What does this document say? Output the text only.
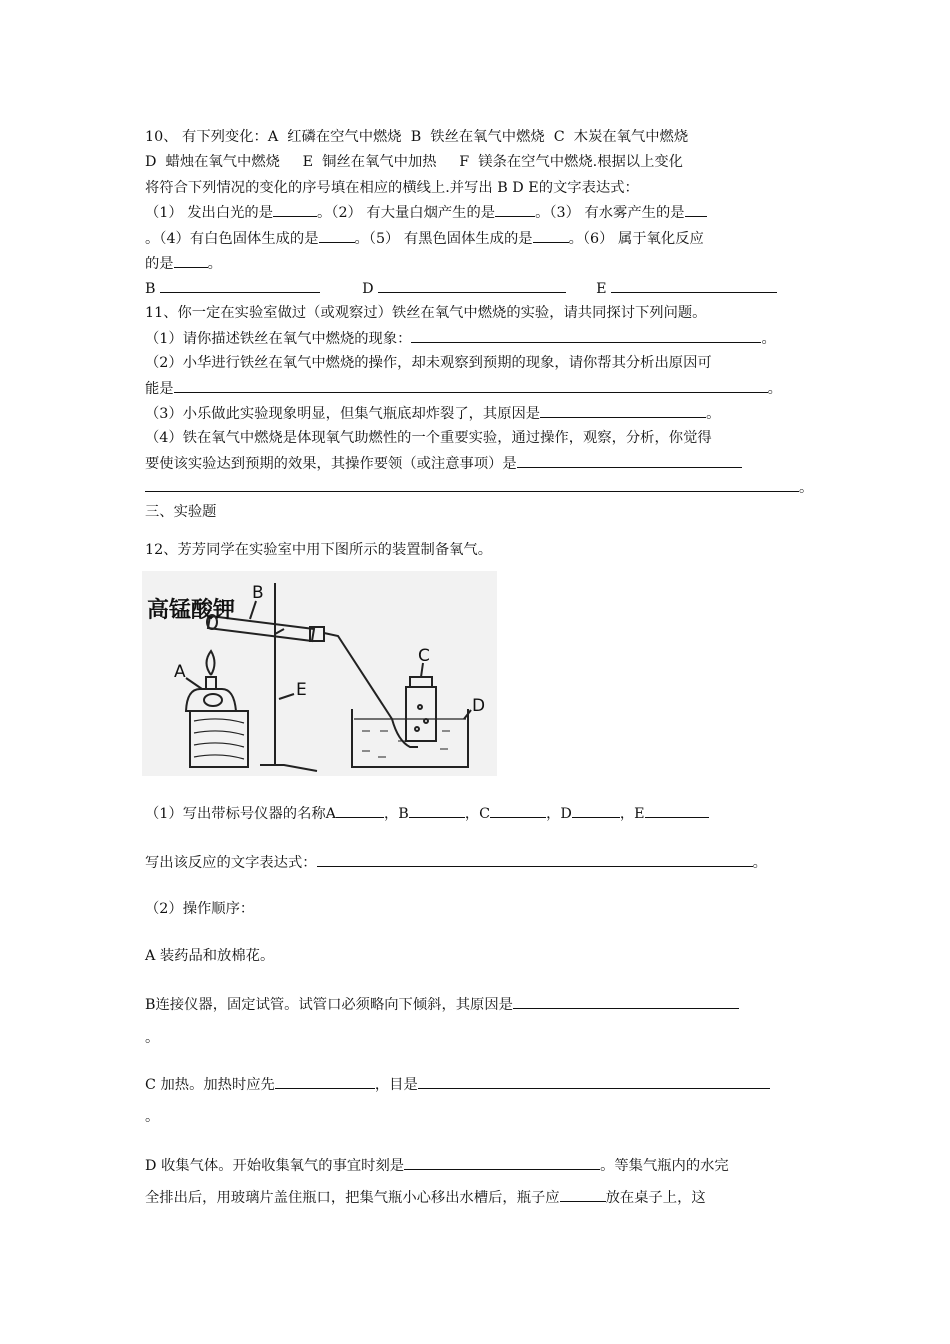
10、 有下列变化：A  红磷在空气中燃烧  B  铁丝在氧气中燃烧  C  木炭在氧气中燃烧
D  蜡烛在氧气中燃烧     E  铜丝在氧气中加热     F  镁条在空气中燃烧.根据以上变化
将符合下列情况的变化的序号填在相应的横线上.并写出 B D E的文字表达式：
（1） 发出白光的是	。（2） 有大量白烟产生的是	。（3） 有水雾产生的是
。（4）有白色固体生成的是	。（5） 有黑色固体生成的是	。（6） 属于氧化反应
的是 。
B	D	E
11、你一定在实验室做过（或观察过）铁丝在氧气中燃烧的实验，请共同探讨下列问题。
（1）请你描述铁丝在氧气中燃烧的现象：	。
（2）小华进行铁丝在氧气中燃烧的操作，却未观察到预期的现象，请你帮其分析出原因可
能是	。
（3）小乐做此实验现象明显，但集气瓶底却炸裂了，其原因是	。
（4）铁在氧气中燃烧是体现氧气助燃性的一个重要实验，通过操作，观察，分析，你觉得
要使该实验达到预期的效果，其操作要领（或注意事项）是
。
三、实验题
12、芳芳同学在实验室中用下图所示的装置制备氧气。
高锰酸钾
B
A
E
C
D
（1）写出带标号仪器的名称A	，B	，C	，D	，E
写出该反应的文字表达式：	。
（2）操作顺序：
A 装药品和放棉花。
B连接仪器，固定试管。试管口必须略向下倾斜，其原因是
。
C 加热。加热时应先	，目是
。
D 收集气体。开始收集氧气的事宜时刻是	。等集气瓶内的水完
全排出后，用玻璃片盖住瓶口，把集气瓶小心移出水槽后，瓶子应	放在桌子上，这
